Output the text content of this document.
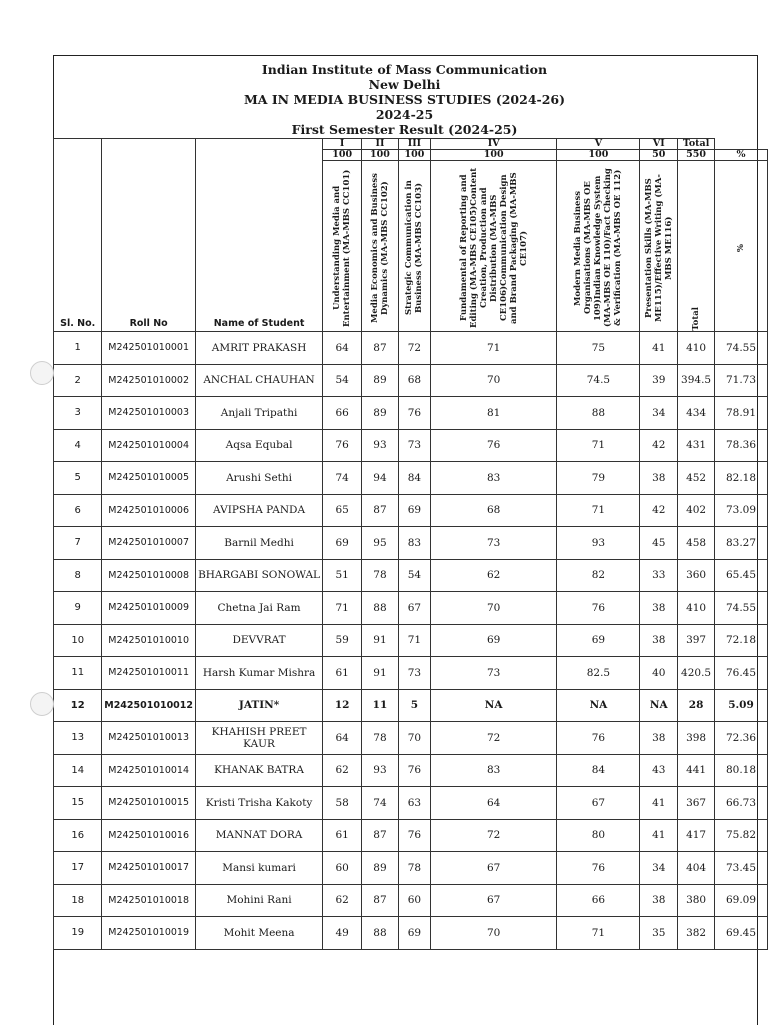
Indian Institute of Mass Communication
New Delhi
MA IN MEDIA BUSINESS STUDIES (2024-26)
2024-25
First Semester Result (2024-25)
Sl. No.	Roll No	Name of Student	I	II	III	IV	V	VI	Total	
			100	100	100	100	100	50	550	%

			Understanding Media and Entertainment (MA-MBS CC101)	Media Economics and Business Dynamics (MA-MBS CC102)	Strategic Communication in Business (MA-MBS CC103)	Fundamental of Reporting and Editing (MA-MBS CE105)Content Creation, Production and Distribution (MA-MBS CE106)Communication Design and Brand Packaging (MA-MBS CE107)	Modern Media Business Organisations (MA-MBS OE 109)Indian Knowledge System (MA-MBS OE 110)/Fact Checking & Verification (MA-MBS OE 112)	Presentation Skills (MA-MBS ME115)/Effective Writing (MA-MBS ME116)	Total	%

1	M242501010001	AMRIT PRAKASH	64	87	72	71	75	41	410	74.55
2	M242501010002	ANCHAL CHAUHAN	54	89	68	70	74.5	39	394.5	71.73
3	M242501010003	Anjali Tripathi	66	89	76	81	88	34	434	78.91
4	M242501010004	Aqsa Equbal	76	93	73	76	71	42	431	78.36
5	M242501010005	Arushi Sethi	74	94	84	83	79	38	452	82.18
6	M242501010006	AVIPSHA PANDA	65	87	69	68	71	42	402	73.09
7	M242501010007	Barnil Medhi	69	95	83	73	93	45	458	83.27
8	M242501010008	BHARGABI SONOWAL	51	78	54	62	82	33	360	65.45
9	M242501010009	Chetna Jai Ram	71	88	67	70	76	38	410	74.55
10	M242501010010	DEVVRAT	59	91	71	69	69	38	397	72.18
11	M242501010011	Harsh Kumar Mishra	61	91	73	73	82.5	40	420.5	76.45
12	M242501010012	JATIN*	12	11	5	NA	NA	NA	28	5.09
13	M242501010013	KHAHISH PREET KAUR	64	78	70	72	76	38	398	72.36
14	M242501010014	KHANAK BATRA	62	93	76	83	84	43	441	80.18
15	M242501010015	Kristi Trisha Kakoty	58	74	63	64	67	41	367	66.73
16	M242501010016	MANNAT DORA	61	87	76	72	80	41	417	75.82
17	M242501010017	Mansi kumari	60	89	78	67	76	34	404	73.45
18	M242501010018	Mohini Rani	62	87	60	67	66	38	380	69.09
19	M242501010019	Mohit Meena	49	88	69	70	71	35	382	69.45
